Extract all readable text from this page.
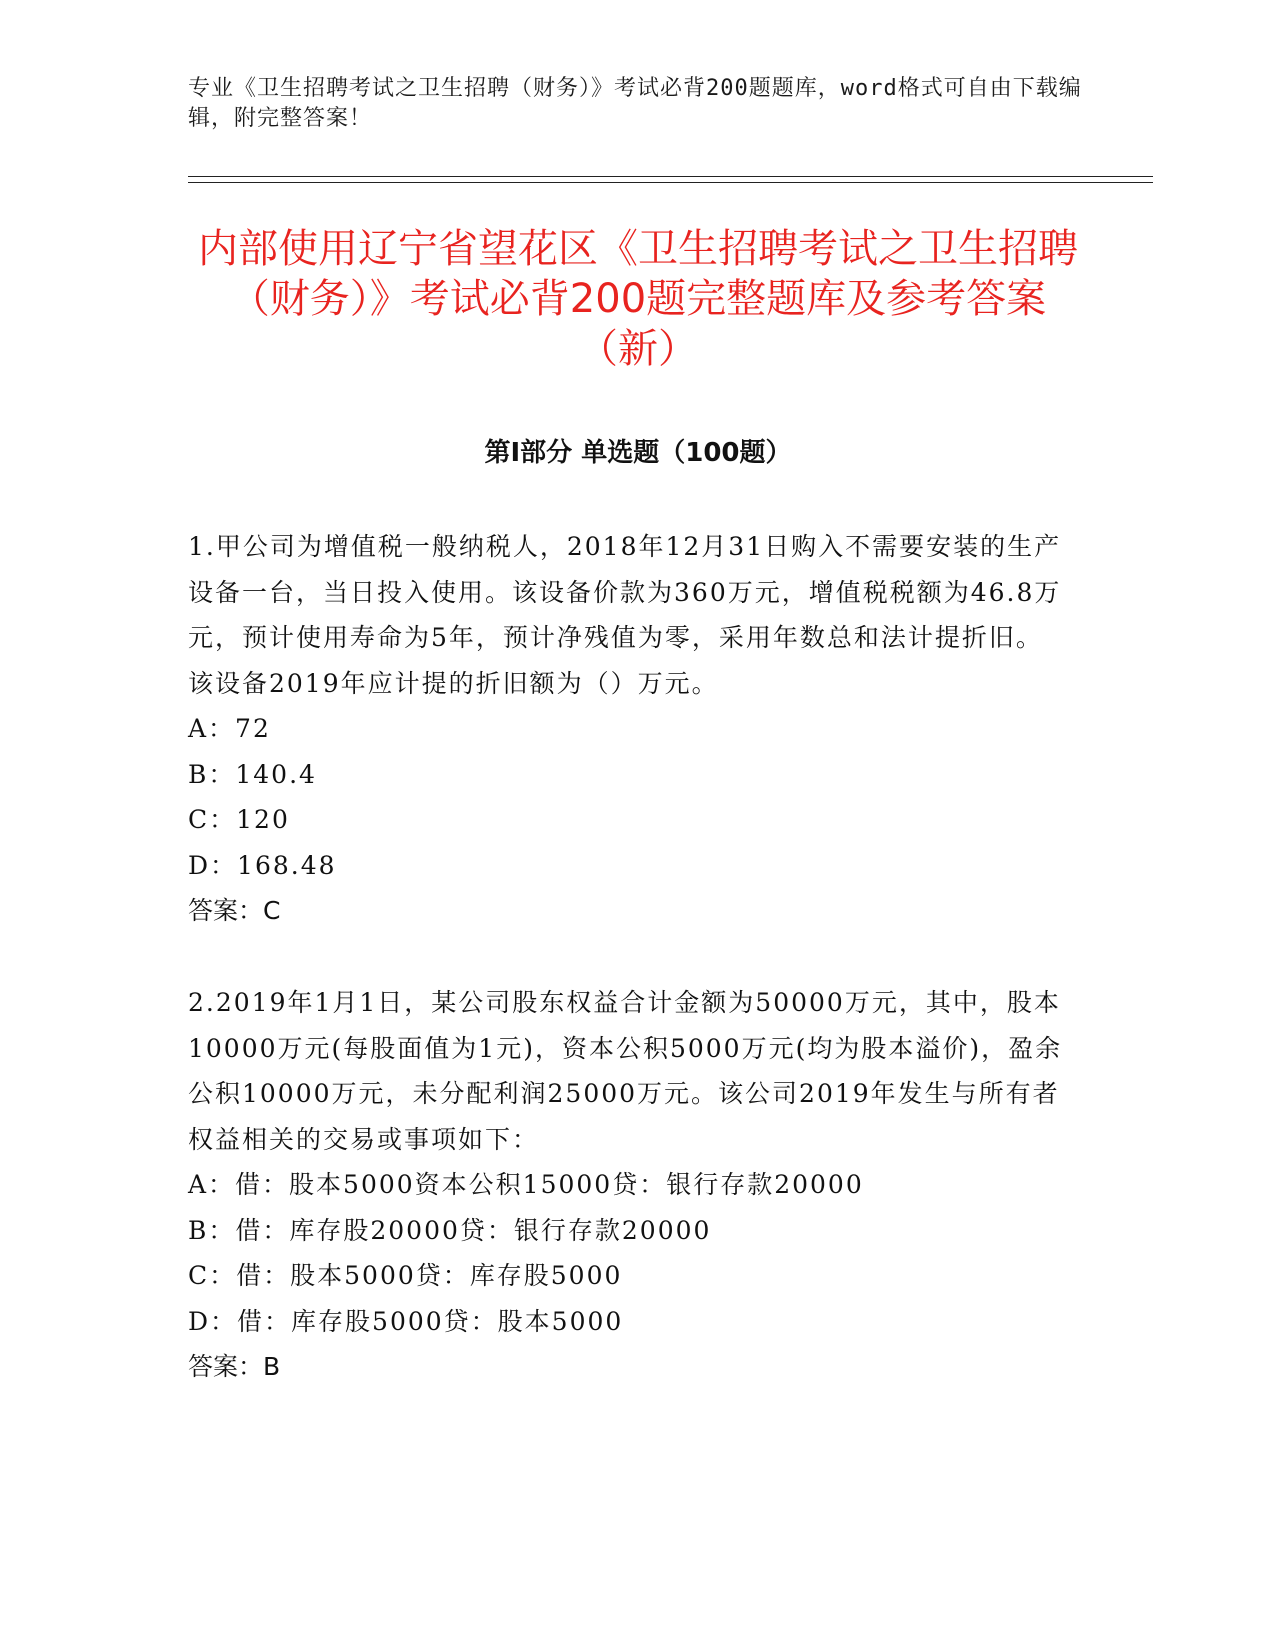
专业《卫生招聘考试之卫生招聘（财务）》考试必背200题题库，word格式可自由下载编辑，附完整答案！
内部使用辽宁省望花区《卫生招聘考试之卫生招聘（财务）》考试必背200题完整题库及参考答案（新）
第I部分 单选题（100题）

1.甲公司为增值税一般纳税人，2018年12月31日购入不需要安装的生产设备一台，当日投入使用。该设备价款为360万元，增值税税额为46.8万元，预计使用寿命为5年，预计净残值为零，采用年数总和法计提折旧。该设备2019年应计提的折旧额为（）万元。

A：72

B：140.4

C：120

D：168.48

答案：C

2.2019年1月1日，某公司股东权益合计金额为50000万元，其中，股本10000万元(每股面值为1元)，资本公积5000万元(均为股本溢价)，盈余公积10000万元，未分配利润25000万元。该公司2019年发生与所有者权益相关的交易或事项如下：

A：借：股本5000资本公积15000贷：银行存款20000

B：借：库存股20000贷：银行存款20000

C：借：股本5000贷：库存股5000

D：借：库存股5000贷：股本5000

答案：B
